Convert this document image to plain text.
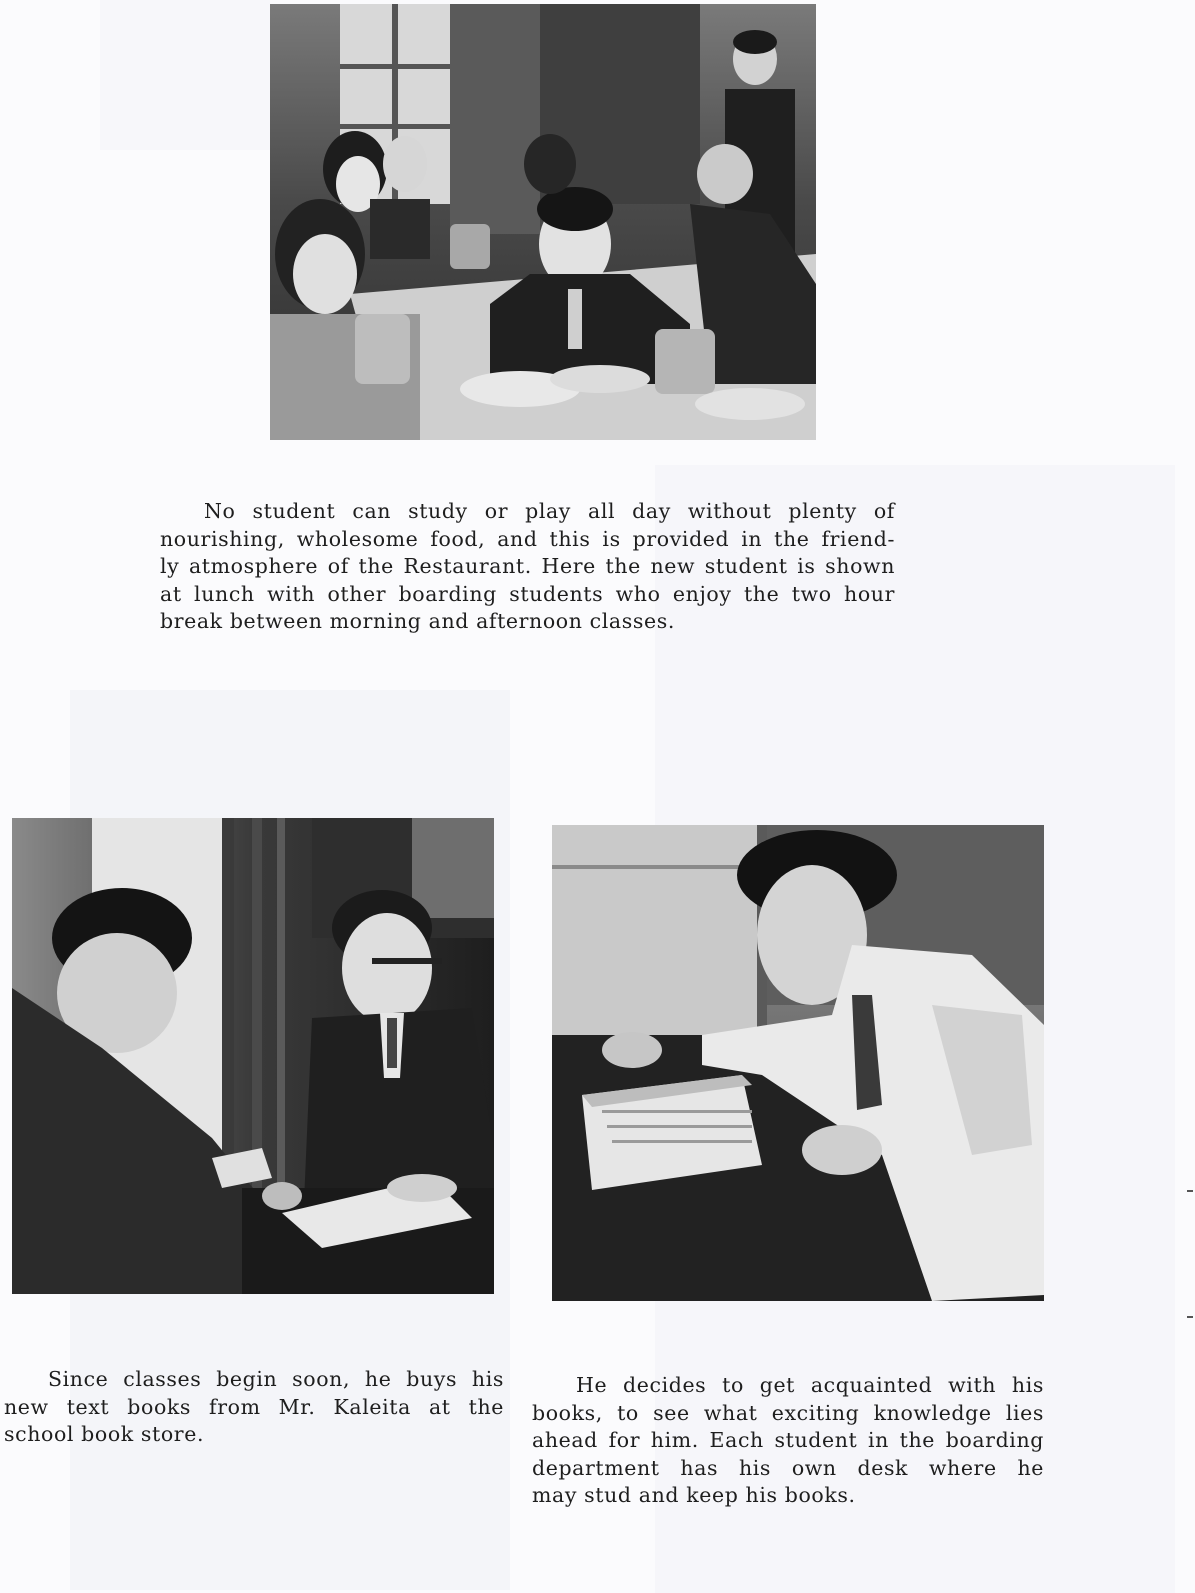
No student can study or play all day without plenty of
nourishing, wholesome food, and this is provided in the friend-
ly atmosphere of the Restaurant. Here the new student is shown
at lunch with other boarding students who enjoy the two hour
break between morning and afternoon classes.
Since classes begin soon, he buys his
new text books from Mr. Kaleita at the
school book store.
He decides to get acquainted with his
books, to see what exciting knowledge lies
ahead for him. Each student in the boarding
department has his own desk where he
may stud and keep his books.
